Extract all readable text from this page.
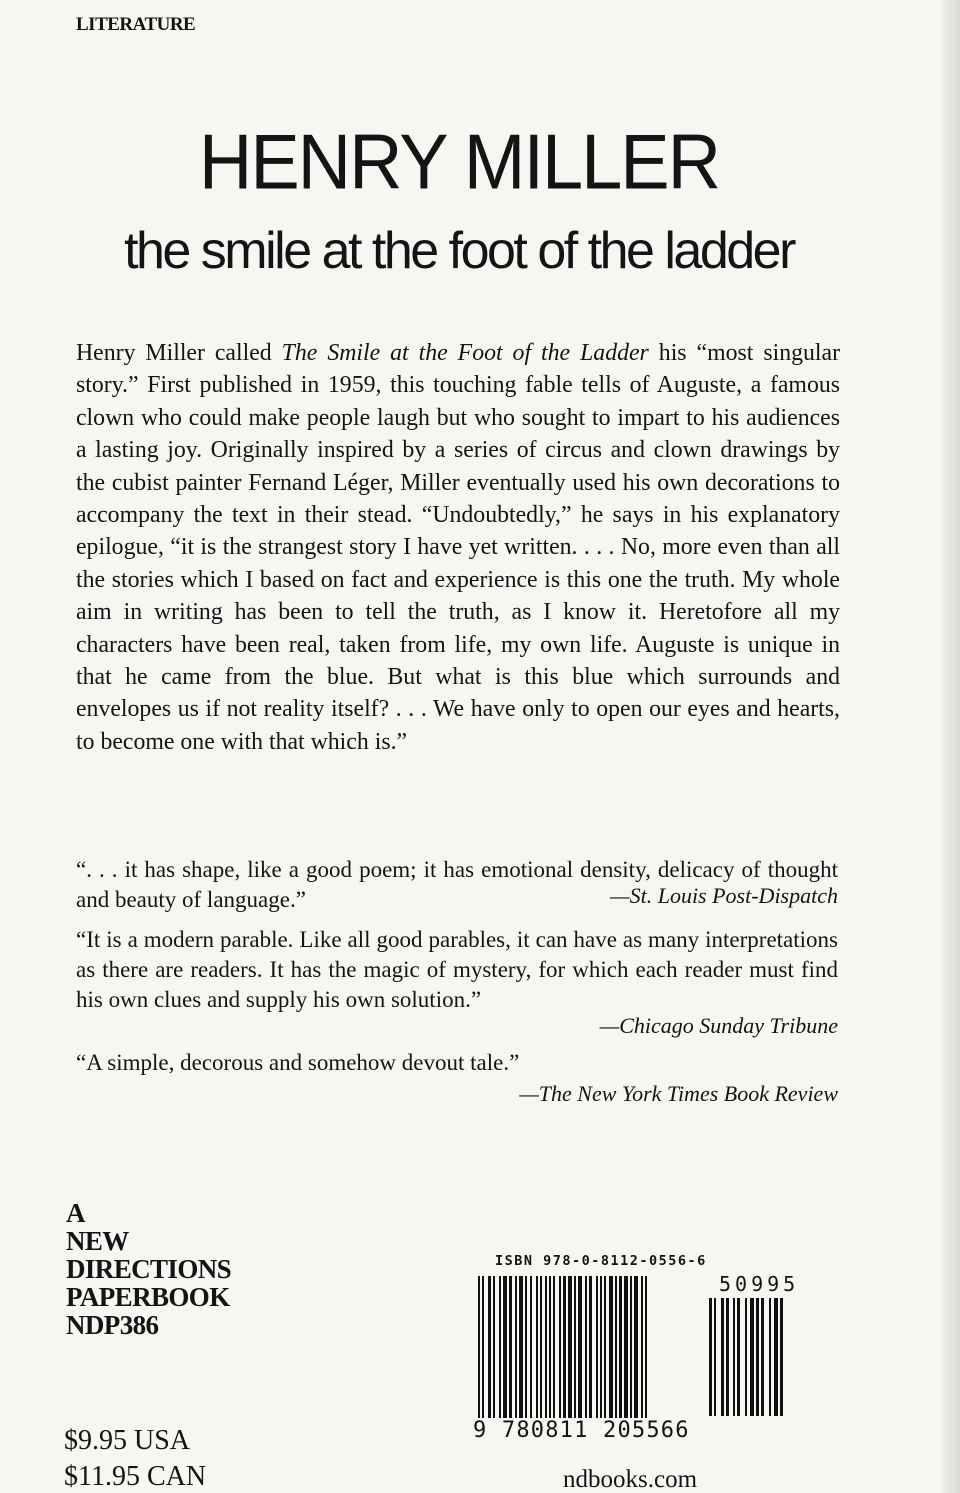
LITERATURE
HENRY MILLER
the smile at the foot of the ladder

Henry Miller called The Smile at the Foot of the Ladder his “most singular story.” First published in 1959, this touching fable tells of Auguste, a famous clown who could make people laugh but who sought to impart to his audiences a lasting joy. Originally inspired by a series of circus and clown drawings by the cubist painter Fernand Léger, Miller eventually used his own decorations to accompany the text in their stead. “Undoubtedly,” he says in his explanatory epilogue, “it is the strangest story I have yet written. . . . No, more even than all the stories which I based on fact and experience is this one the truth. My whole aim in writing has been to tell the truth, as I know it. Heretofore all my characters have been real, taken from life, my own life. Auguste is unique in that he came from the blue. But what is this blue which surrounds and envelopes us if not reality itself? . . . We have only to open our eyes and hearts, to become one with that which is.”

“. . . it has shape, like a good poem; it has emotional density, delicacy of thought and beauty of language.”	—St. Louis Post-Dispatch

“It is a modern parable. Like all good parables, it can have as many interpretations as there are readers. It has the magic of mystery, for which each reader must find his own clues and supply his own solution.”

—Chicago Sunday Tribune

“A simple, decorous and somehow devout tale.”

—The New York Times Book Review
A
NEW
DIRECTIONS
PAPERBOOK
NDP386
$9.95 USA
$11.95 CAN
ISBN 978-0-8112-0556-6
50995
9 780811 205566
ndbooks.com
